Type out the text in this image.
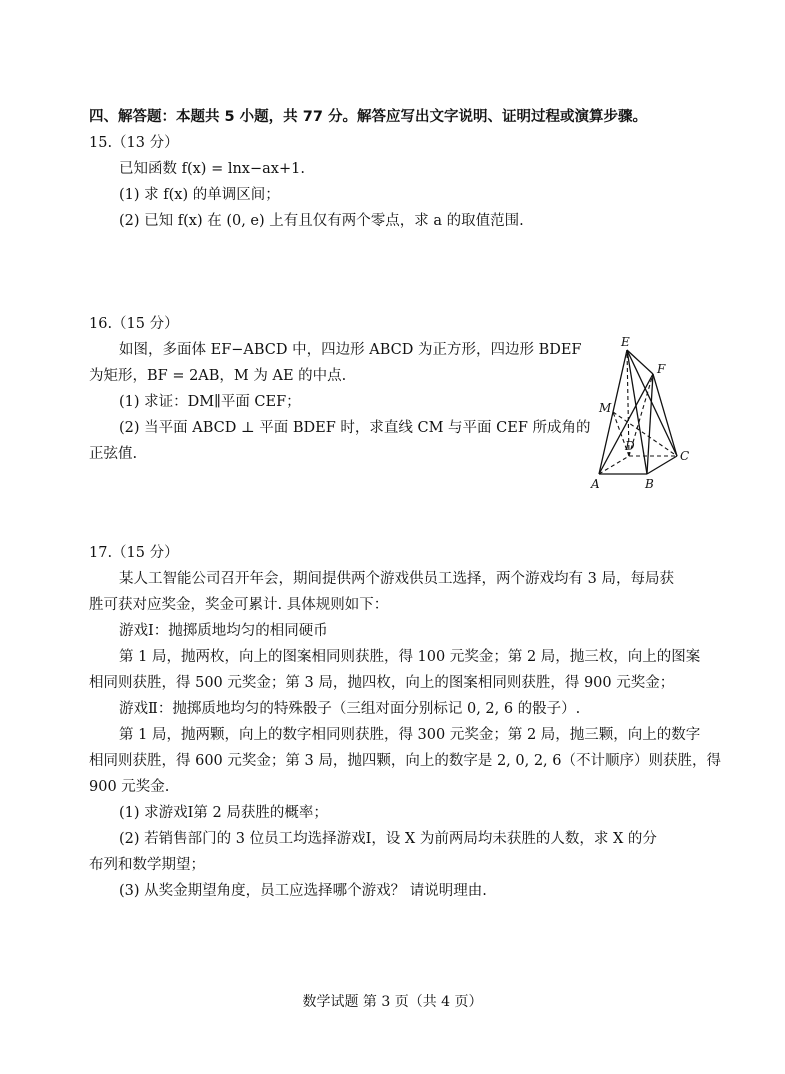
四、解答题：本题共 5 小题，共 77 分。解答应写出文字说明、证明过程或演算步骤。
15.（13 分）
已知函数 f(x) = lnx−ax+1.
(1) 求 f(x) 的单调区间；
(2) 已知 f(x) 在 (0, e) 上有且仅有两个零点，求 a 的取值范围.
16.（15 分）
如图，多面体 EF−ABCD 中，四边形 ABCD 为正方形，四边形 BDEF
为矩形，BF = 2AB，M 为 AE 的中点.
(1) 求证：DM∥平面 CEF；
(2) 当平面 ABCD ⊥ 平面 BDEF 时，求直线 CM 与平面 CEF 所成角的
正弦值.
E
F
M
D
A	B
C
17.（15 分）
某人工智能公司召开年会，期间提供两个游戏供员工选择，两个游戏均有 3 局，每局获
胜可获对应奖金，奖金可累计. 具体规则如下：
游戏Ⅰ：抛掷质地均匀的相同硬币
第 1 局，抛两枚，向上的图案相同则获胜，得 100 元奖金；第 2 局，抛三枚，向上的图案
相同则获胜，得 500 元奖金；第 3 局，抛四枚，向上的图案相同则获胜，得 900 元奖金；
游戏Ⅱ：抛掷质地均匀的特殊骰子（三组对面分别标记 0, 2, 6 的骰子）.
第 1 局，抛两颗，向上的数字相同则获胜，得 300 元奖金；第 2 局，抛三颗，向上的数字
相同则获胜，得 600 元奖金；第 3 局，抛四颗，向上的数字是 2, 0, 2, 6（不计顺序）则获胜，得
900 元奖金.
(1) 求游戏Ⅰ第 2 局获胜的概率；
(2) 若销售部门的 3 位员工均选择游戏Ⅰ，设 X 为前两局均未获胜的人数，求 X 的分
布列和数学期望；
(3) 从奖金期望角度，员工应选择哪个游戏？ 请说明理由.
数学试题 第 3 页（共 4 页）
